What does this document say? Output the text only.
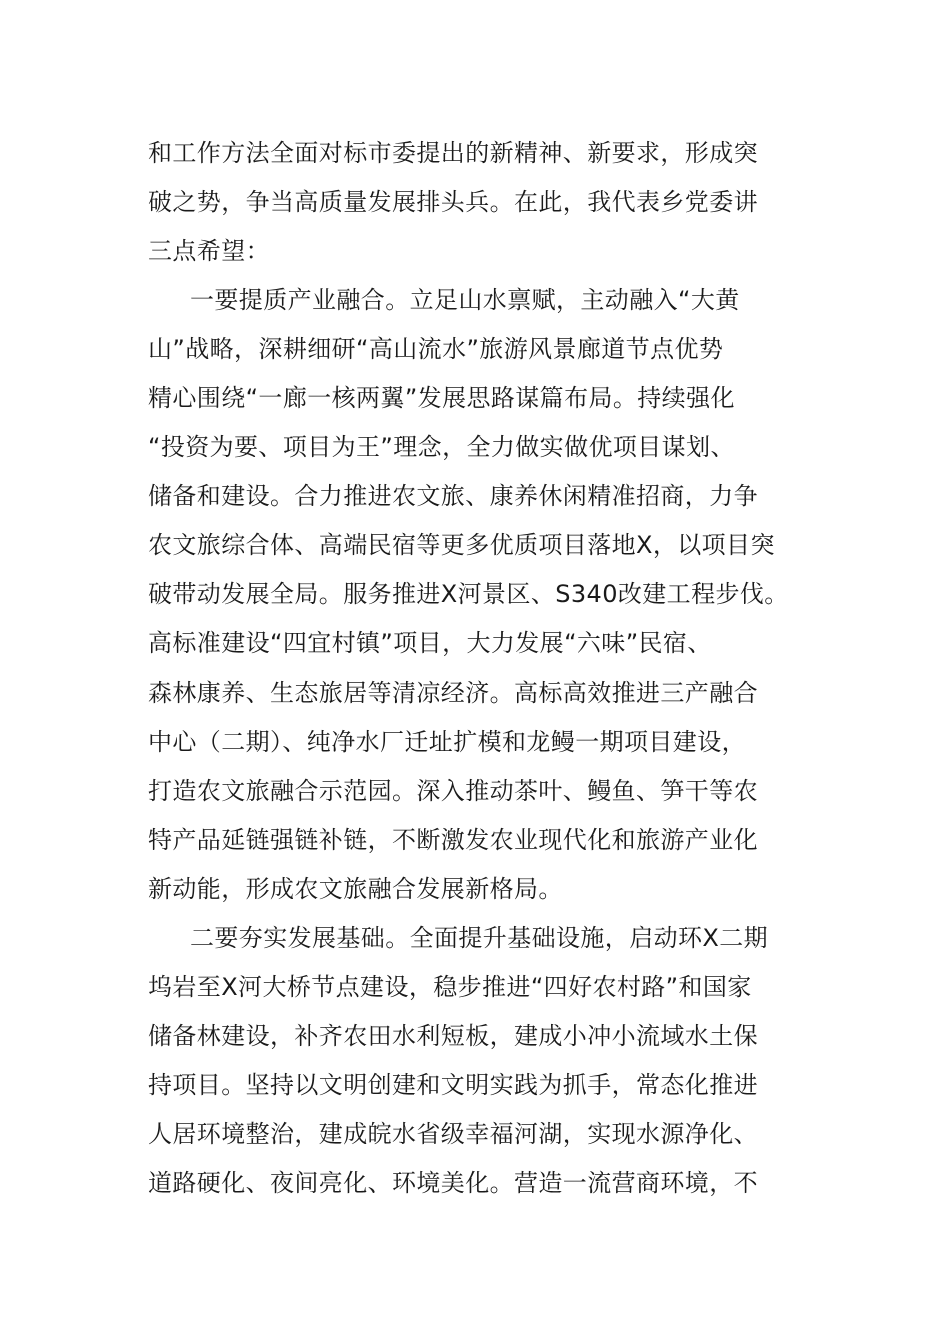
和工作方法全面对标市委提出的新精神、新要求，形成突
破之势，争当高质量发展排头兵。在此，我代表乡党委讲
三点希望：
一要提质产业融合。立足山水禀赋，主动融入“大黄
山”战略，深耕细研“高山流水”旅游风景廊道节点优势
精心围绕“一廊一核两翼”发展思路谋篇布局。持续强化
“投资为要、项目为王”理念，全力做实做优项目谋划、
储备和建设。合力推进农文旅、康养休闲精准招商，力争
农文旅综合体、高端民宿等更多优质项目落地X，以项目突
破带动发展全局。服务推进X河景区、S340改建工程步伐。
高标准建设“四宜村镇”项目，大力发展“六味”民宿、
森林康养、生态旅居等清凉经济。高标高效推进三产融合
中心（二期）、纯净水厂迁址扩模和龙鳗一期项目建设，
打造农文旅融合示范园。深入推动茶叶、鳗鱼、笋干等农
特产品延链强链补链，不断激发农业现代化和旅游产业化
新动能，形成农文旅融合发展新格局。
二要夯实发展基础。全面提升基础设施，启动环X二期
坞岩至X河大桥节点建设，稳步推进“四好农村路”和国家
储备林建设，补齐农田水利短板，建成小冲小流域水土保
持项目。坚持以文明创建和文明实践为抓手，常态化推进
人居环境整治，建成皖水省级幸福河湖，实现水源净化、
道路硬化、夜间亮化、环境美化。营造一流营商环境，不
